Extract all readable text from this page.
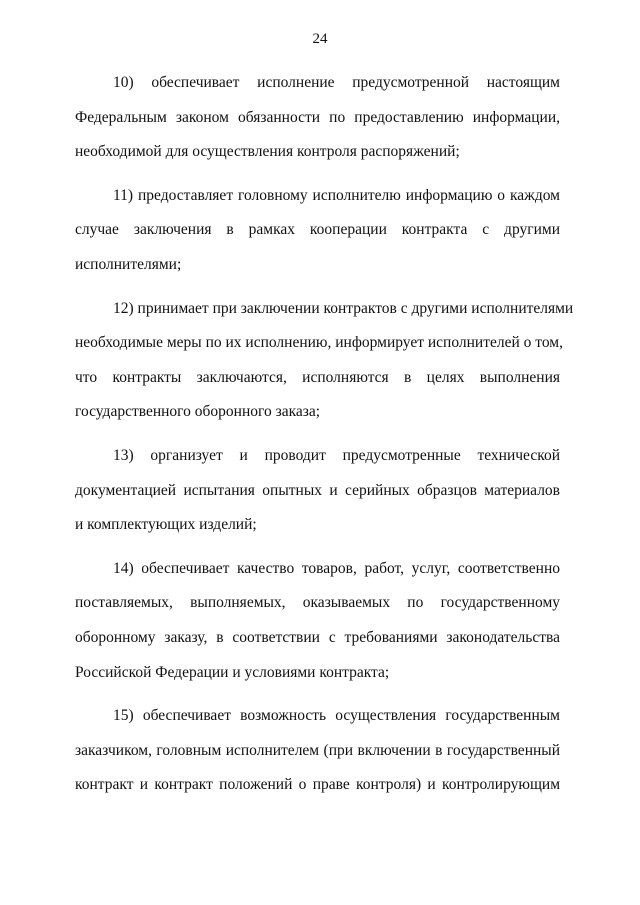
24

10) обеспечивает исполнение предусмотренной настоящим
Федеральным законом обязанности по предоставлению информации,
необходимой для осуществления контроля распоряжений;

11) предоставляет головному исполнителю информацию о каждом
случае заключения в рамках кооперации контракта с другими
исполнителями;

12) принимает при заключении контрактов с другими исполнителями
необходимые меры по их исполнению, информирует исполнителей о том,
что контракты заключаются, исполняются в целях выполнения
государственного оборонного заказа;

13) организует и проводит предусмотренные технической
документацией испытания опытных и серийных образцов материалов
и комплектующих изделий;

14) обеспечивает качество товаров, работ, услуг, соответственно
поставляемых, выполняемых, оказываемых по государственному
оборонному заказу, в соответствии с требованиями законодательства
Российской Федерации и условиями контракта;

15) обеспечивает возможность осуществления государственным
заказчиком, головным исполнителем (при включении в государственный
контракт и контракт положений о праве контроля) и контролирующим
